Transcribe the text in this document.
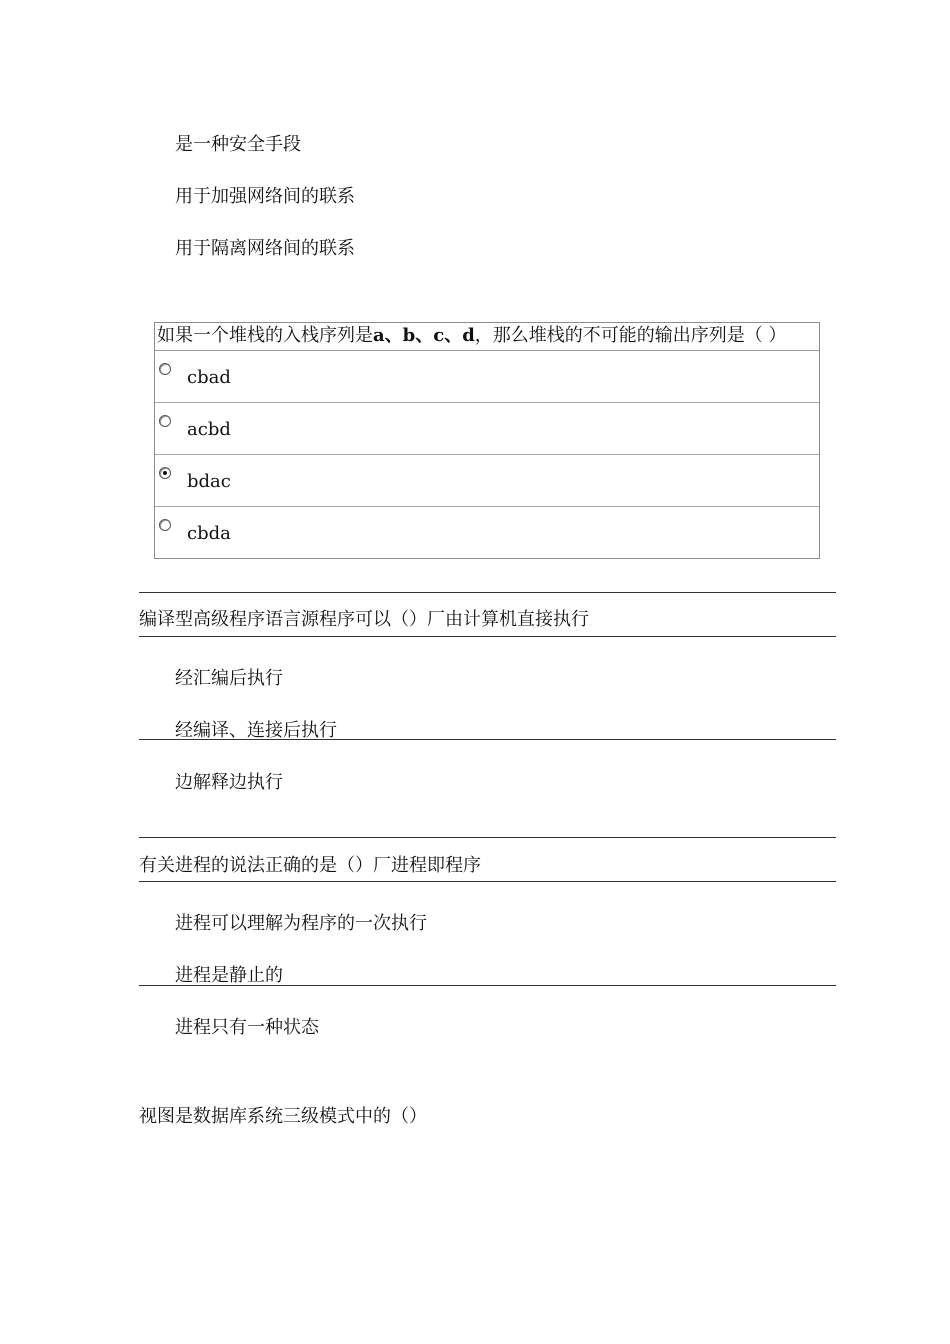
是一种安全手段
用于加强网络间的联系
用于隔离网络间的联系
如果一个堆栈的入栈序列是a、b、c、d，那么堆栈的不可能的输出序列是（ ）
cbad
acbd
bdac
cbda
编译型高级程序语言源程序可以（）厂由计算机直接执行
经汇编后执行
经编译、连接后执行
边解释边执行
有关进程的说法正确的是（）厂进程即程序
进程可以理解为程序的一次执行
进程是静止的
进程只有一种状态
视图是数据库系统三级模式中的（）
